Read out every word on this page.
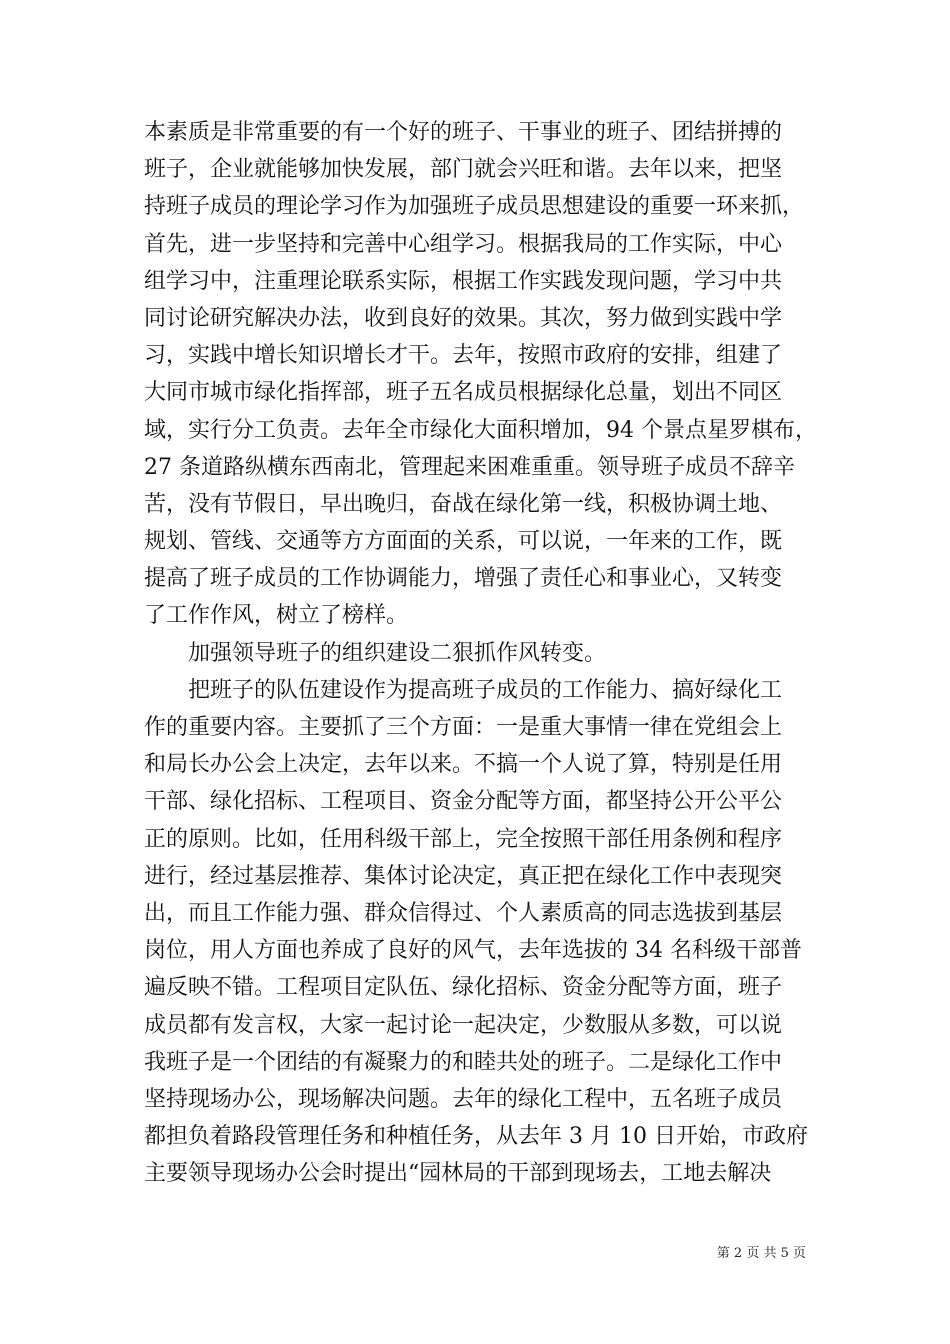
本素质是非常重要的有一个好的班子、干事业的班子、团结拼搏的
班子，企业就能够加快发展，部门就会兴旺和谐。去年以来，把坚
持班子成员的理论学习作为加强班子成员思想建设的重要一环来抓，
首先，进一步坚持和完善中心组学习。根据我局的工作实际，中心
组学习中，注重理论联系实际，根据工作实践发现问题，学习中共
同讨论研究解决办法，收到良好的效果。其次，努力做到实践中学
习，实践中增长知识增长才干。去年，按照市政府的安排，组建了
大同市城市绿化指挥部，班子五名成员根据绿化总量，划出不同区
域，实行分工负责。去年全市绿化大面积增加，94 个景点星罗棋布，
27 条道路纵横东西南北，管理起来困难重重。领导班子成员不辞辛
苦，没有节假日，早出晚归，奋战在绿化第一线，积极协调土地、
规划、管线、交通等方方面面的关系，可以说，一年来的工作，既
提高了班子成员的工作协调能力，增强了责任心和事业心，又转变
了工作作风，树立了榜样。
加强领导班子的组织建设二狠抓作风转变。
把班子的队伍建设作为提高班子成员的工作能力、搞好绿化工
作的重要内容。主要抓了三个方面：一是重大事情一律在党组会上
和局长办公会上决定，去年以来。不搞一个人说了算，特别是任用
干部、绿化招标、工程项目、资金分配等方面，都坚持公开公平公
正的原则。比如，任用科级干部上，完全按照干部任用条例和程序
进行，经过基层推荐、集体讨论决定，真正把在绿化工作中表现突
出，而且工作能力强、群众信得过、个人素质高的同志选拔到基层
岗位，用人方面也养成了良好的风气，去年选拔的 34 名科级干部普
遍反映不错。工程项目定队伍、绿化招标、资金分配等方面，班子
成员都有发言权，大家一起讨论一起决定，少数服从多数，可以说
我班子是一个团结的有凝聚力的和睦共处的班子。二是绿化工作中
坚持现场办公，现场解决问题。去年的绿化工程中，五名班子成员
都担负着路段管理任务和种植任务，从去年 3 月 10 日开始，市政府
主要领导现场办公会时提出“园林局的干部到现场去，工地去解决
第 2 页 共 5 页
